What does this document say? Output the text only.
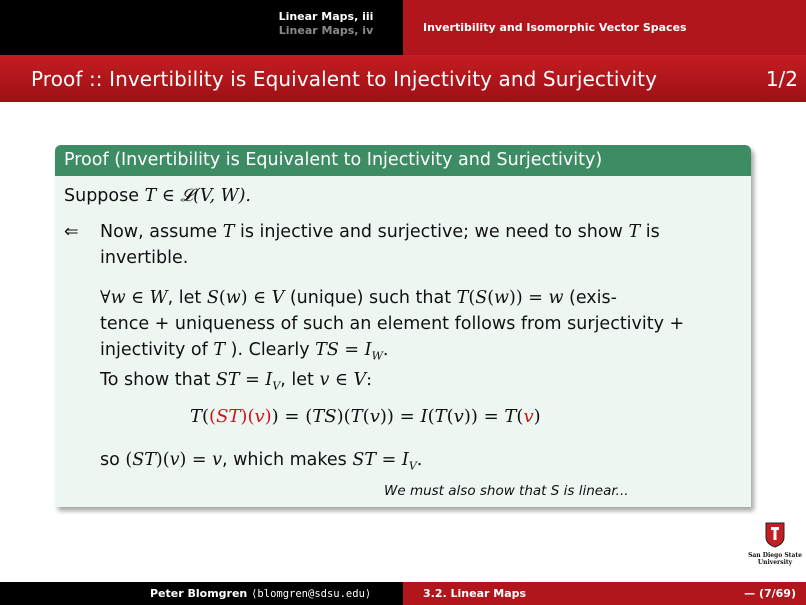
Linear Maps, iii
Linear Maps, iv	Invertibility and Isomorphic Vector Spaces
Proof :: Invertibility is Equivalent to Injectivity and Surjectivity	1/2
Proof (Invertibility is Equivalent to Injectivity and Surjectivity)
Suppose T ∈ 𝓛(V, W).
⇐ Now, assume T is injective and surjective; we need to show T is
invertible.
∀w ∈ W, let S(w) ∈ V (unique) such that T(S(w)) = w (exis-
tence + uniqueness of such an element follows from surjectivity +
injectivity of T ). Clearly TS = $I_W$.
To show that ST = $I_V$, let v ∈ V:
T((ST)(v)) = (TS)(T(v)) = I(T(v)) = T(v)
so (ST)(v) = v, which makes ST = $I_V$.
We must also show that S is linear...
San Diego State
University
Peter Blomgren ⟨blomgren@sdsu.edu⟩	3.2. Linear Maps	— (7/69)
